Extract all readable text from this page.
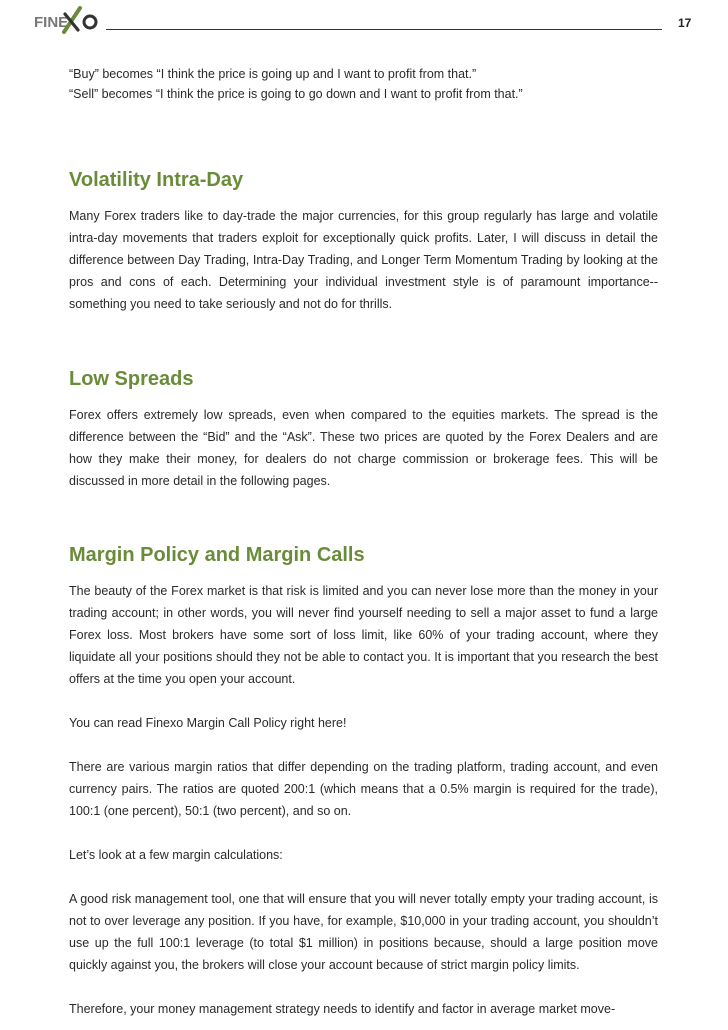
FINE	17

“Buy” becomes “I think the price is going up and I want to profit from that.”

“Sell” becomes “I think the price is going to go down and I want to profit from that.”

Volatility Intra-Day

Many Forex traders like to day-trade the major currencies, for this group regularly has large and volatile intra-day movements that traders exploit for exceptionally quick profits. Later, I will discuss in detail the difference between Day Trading, Intra-Day Trading, and Longer Term Momentum Trading by looking at the pros and cons of each. Determining your individual investment style is of paramount importance--something you need to take seriously and not do for thrills.

Low Spreads

Forex offers extremely low spreads, even when compared to the equities markets. The spread is the difference between the “Bid” and the “Ask”. These two prices are quoted by the Forex Dealers and are how they make their money, for dealers do not charge commission or brokerage fees. This will be discussed in more detail in the following pages.

Margin Policy and Margin Calls

The beauty of the Forex market is that risk is limited and you can never lose more than the money in your trading account; in other words, you will never find yourself needing to sell a major asset to fund a large Forex loss. Most brokers have some sort of loss limit, like 60% of your trading account, where they liquidate all your positions should they not be able to contact you. It is important that you research the best offers at the time you open your account.

You can read Finexo Margin Call Policy right here!

There are various margin ratios that differ depending on the trading platform, trading account, and even currency pairs. The ratios are quoted 200:1 (which means that a 0.5% margin is required for the trade), 100:1 (one percent), 50:1 (two percent), and so on.

Let’s look at a few margin calculations:

A good risk management tool, one that will ensure that you will never totally empty your trading account, is not to over leverage any position. If you have, for example, $10,000 in your trading account, you shouldn’t use up the full 100:1 leverage (to total $1 million) in positions because, should a large position move quickly against you, the brokers will close your account because of strict margin policy limits.

Therefore, your money management strategy needs to identify and factor in average market move-
